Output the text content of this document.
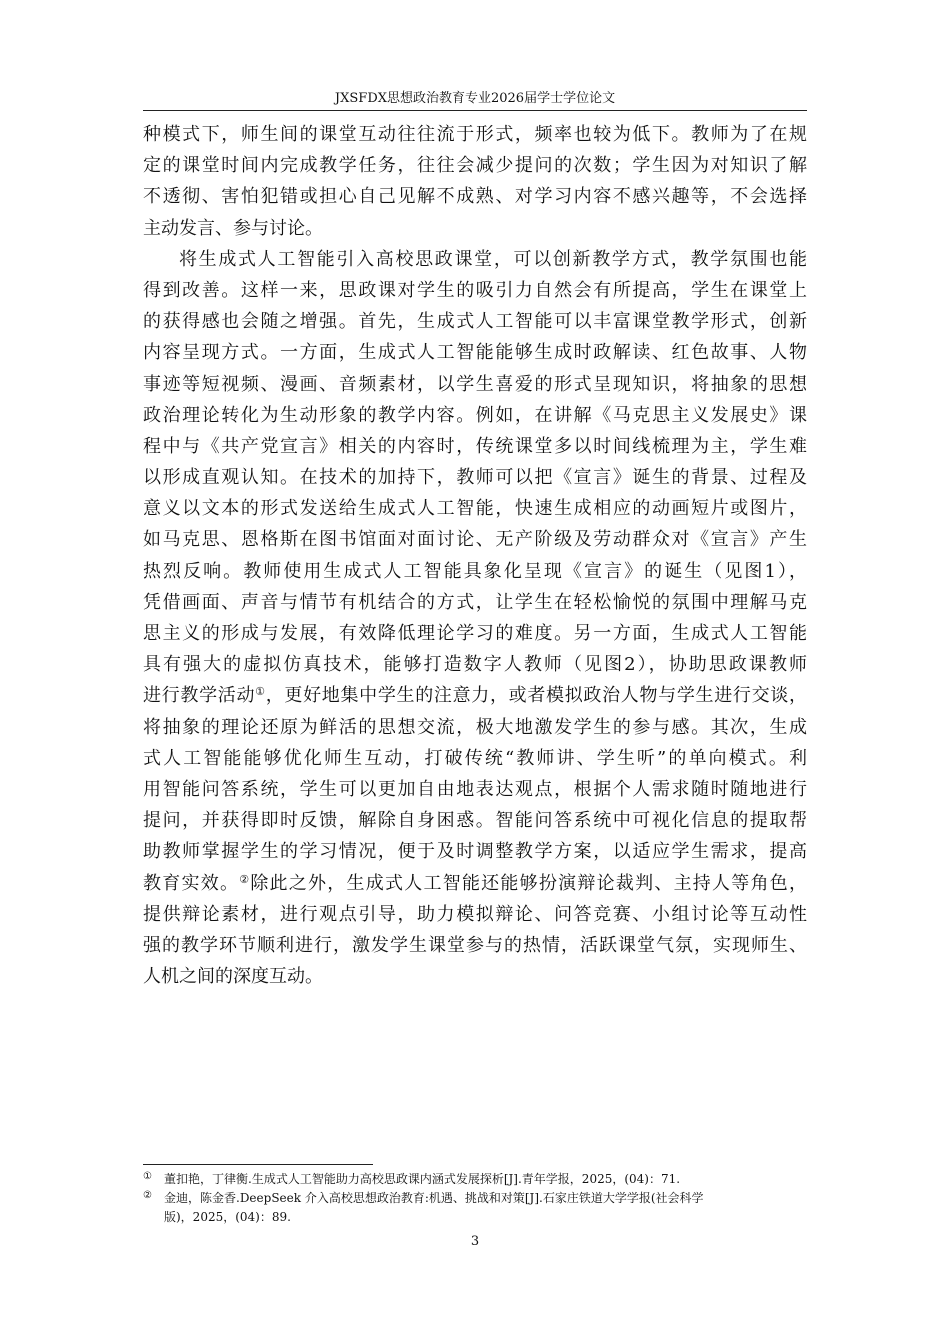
JXSFDX思想政治教育专业2026届学士学位论文
种模式下，师生间的课堂互动往往流于形式，频率也较为低下。教师为了在规
定的课堂时间内完成教学任务，往往会减少提问的次数；学生因为对知识了解
不透彻、害怕犯错或担心自己见解不成熟、对学习内容不感兴趣等，不会选择
主动发言、参与讨论。
将生成式人工智能引入高校思政课堂，可以创新教学方式，教学氛围也能
得到改善。这样一来，思政课对学生的吸引力自然会有所提高，学生在课堂上
的获得感也会随之增强。首先，生成式人工智能可以丰富课堂教学形式，创新
内容呈现方式。一方面，生成式人工智能能够生成时政解读、红色故事、人物
事迹等短视频、漫画、音频素材，以学生喜爱的形式呈现知识，将抽象的思想
政治理论转化为生动形象的教学内容。例如，在讲解《马克思主义发展史》课
程中与《共产党宣言》相关的内容时，传统课堂多以时间线梳理为主，学生难
以形成直观认知。在技术的加持下，教师可以把《宣言》诞生的背景、过程及
意义以文本的形式发送给生成式人工智能，快速生成相应的动画短片或图片，
如马克思、恩格斯在图书馆面对面讨论、无产阶级及劳动群众对《宣言》产生
热烈反响。教师使用生成式人工智能具象化呈现《宣言》的诞生（见图1），
凭借画面、声音与情节有机结合的方式，让学生在轻松愉悦的氛围中理解马克
思主义的形成与发展，有效降低理论学习的难度。另一方面，生成式人工智能
具有强大的虚拟仿真技术，能够打造数字人教师（见图2），协助思政课教师
进行教学活动①，更好地集中学生的注意力，或者模拟政治人物与学生进行交谈，
将抽象的理论还原为鲜活的思想交流，极大地激发学生的参与感。其次，生成
式人工智能能够优化师生互动，打破传统“教师讲、学生听”的单向模式。利
用智能问答系统，学生可以更加自由地表达观点，根据个人需求随时随地进行
提问，并获得即时反馈，解除自身困惑。智能问答系统中可视化信息的提取帮
助教师掌握学生的学习情况，便于及时调整教学方案，以适应学生需求，提高
教育实效。②除此之外，生成式人工智能还能够扮演辩论裁判、主持人等角色，
提供辩论素材，进行观点引导，助力模拟辩论、问答竞赛、小组讨论等互动性
强的教学环节顺利进行，激发学生课堂参与的热情，活跃课堂气氛，实现师生、
人机之间的深度互动。
① 董扣艳，丁律衡.生成式人工智能助力高校思政课内涵式发展探析[J].青年学报，2025，(04)：71.
② 金迪，陈金香.DeepSeek 介入高校思想政治教育:机遇、挑战和对策[J].石家庄铁道大学学报(社会科学
版)，2025，(04)：89.
3
